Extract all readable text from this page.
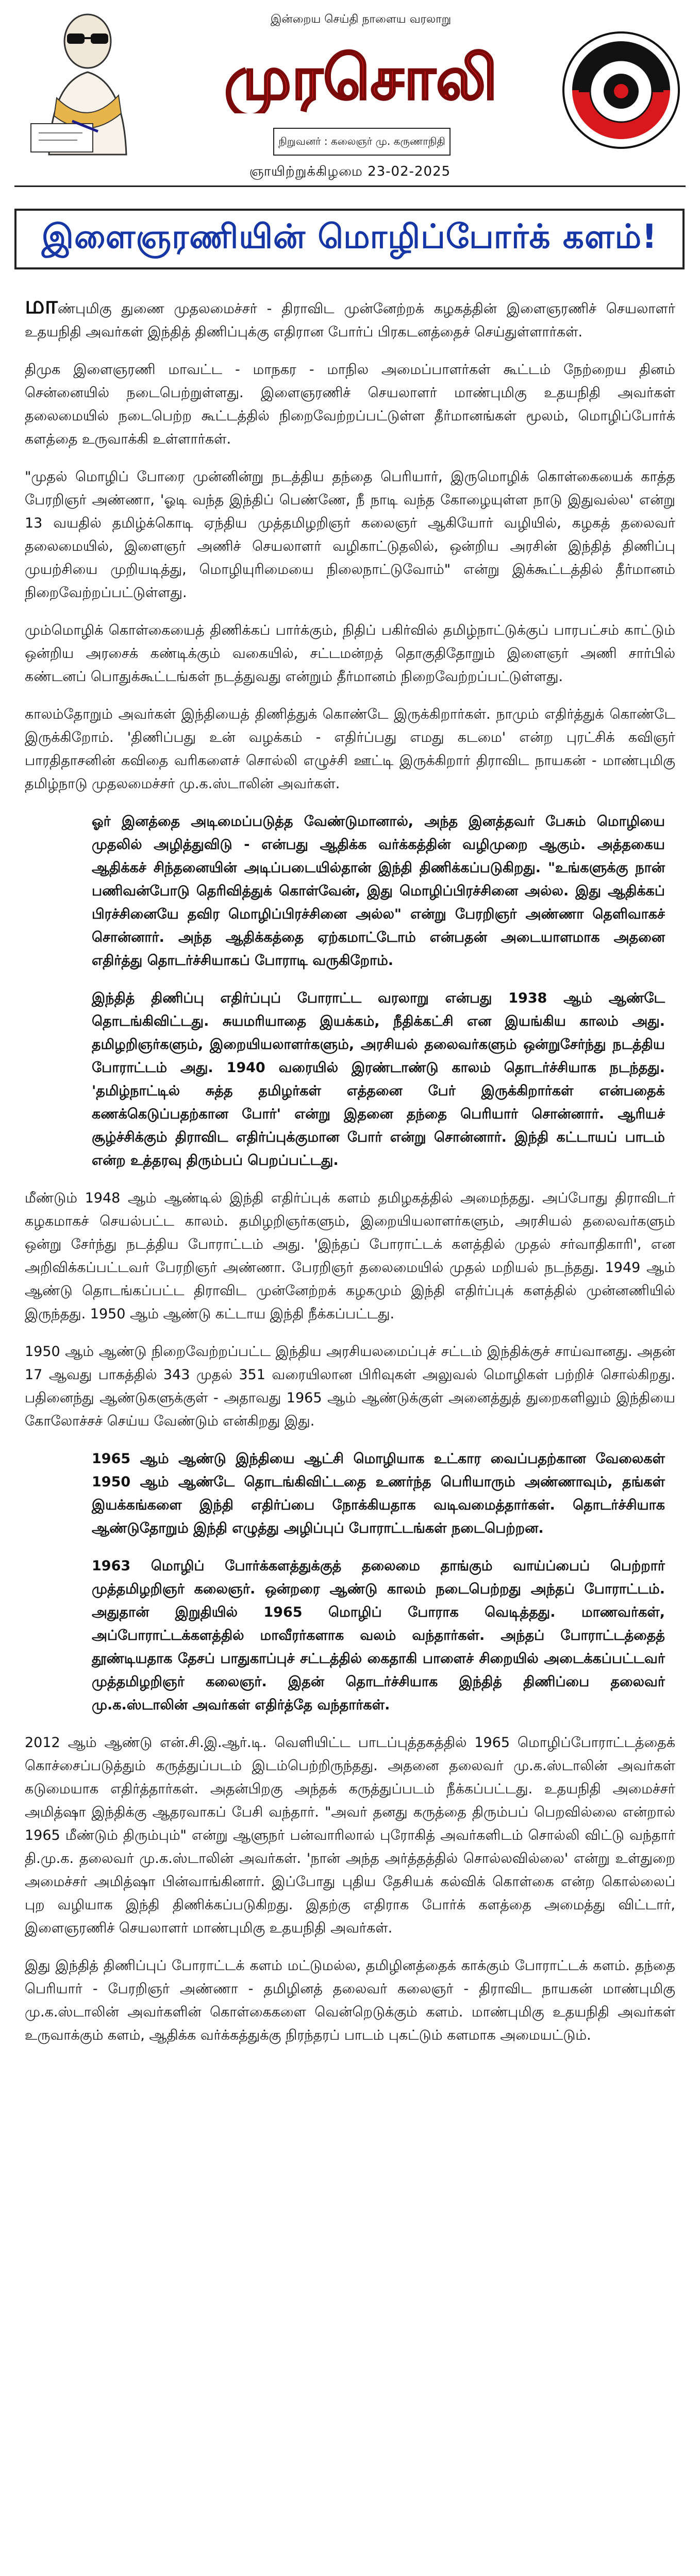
இன்றைய செய்தி நாளைய வரலாறு
முரசொலி
நிறுவனர் : கலைஞர் மு. கருணாநிதி
ஞாயிற்றுக்கிழமை 23-02-2025
இளைஞரணியின் மொழிப்போர்க் களம்!

மாண்புமிகு துணை முதலமைச்சர் - திராவிட முன்னேற்றக் கழகத்தின் இளைஞரணிச் செயலாளர் உதயநிதி அவர்கள் இந்தித் திணிப்புக்கு எதிரான போர்ப் பிரகடனத்தைச் செய்துள்ளார்கள்.

திமுக இளைஞரணி மாவட்ட - மாநகர - மாநில அமைப்பாளர்கள் கூட்டம் நேற்றைய தினம் சென்னையில் நடைபெற்றுள்ளது. இளைஞரணிச் செயலாளர் மாண்புமிகு உதயநிதி அவர்கள் தலைமையில் நடைபெற்ற கூட்டத்தில் நிறைவேற்றப்பட்டுள்ள தீர்மானங்கள் மூலம், மொழிப்போர்க் களத்தை உருவாக்கி உள்ளார்கள்.

"முதல் மொழிப் போரை முன்னின்று நடத்திய தந்தை பெரியார், இருமொழிக் கொள்கையைக் காத்த பேரறிஞர் அண்ணா, 'ஓடி வந்த இந்திப் பெண்ணே, நீ நாடி வந்த கோழையுள்ள நாடு இதுவல்ல' என்று 13 வயதில் தமிழ்க்கொடி ஏந்திய முத்தமிழறிஞர் கலைஞர் ஆகியோர் வழியில், கழகத் தலைவர் தலைமையில், இளைஞர் அணிச் செயலாளர் வழிகாட்டுதலில், ஒன்றிய அரசின் இந்தித் திணிப்பு முயற்சியை முறியடித்து, மொழியுரிமையை நிலைநாட்டுவோம்" என்று இக்கூட்டத்தில் தீர்மானம் நிறைவேற்றப்பட்டுள்ளது.

மும்மொழிக் கொள்கையைத் திணிக்கப் பார்க்கும், நிதிப் பகிர்வில் தமிழ்நாட்டுக்குப் பாரபட்சம் காட்டும் ஒன்றிய அரசைக் கண்டிக்கும் வகையில், சட்டமன்றத் தொகுதிதோறும் இளைஞர் அணி சார்பில் கண்டனப் பொதுக்கூட்டங்கள் நடத்துவது என்றும் தீர்மானம் நிறைவேற்றப்பட்டுள்ளது.

காலம்தோறும் அவர்கள் இந்தியைத் திணித்துக் கொண்டே இருக்கிறார்கள். நாமும் எதிர்த்துக் கொண்டே இருக்கிறோம். 'திணிப்பது உன் வழக்கம் - எதிர்ப்பது எமது கடமை' என்ற புரட்சிக் கவிஞர் பாரதிதாசனின் கவிதை வரிகளைச் சொல்லி எழுச்சி ஊட்டி இருக்கிறார் திராவிட நாயகன் - மாண்புமிகு தமிழ்நாடு முதலமைச்சர் மு.க.ஸ்டாலின் அவர்கள்.

ஓர் இனத்தை அடிமைப்படுத்த வேண்டுமானால், அந்த இனத்தவர் பேசும் மொழியை முதலில் அழித்துவிடு - என்பது ஆதிக்க வர்க்கத்தின் வழிமுறை ஆகும். அத்தகைய ஆதிக்கச் சிந்தனையின் அடிப்படையில்தான் இந்தி திணிக்கப்படுகிறது. "உங்களுக்கு நான் பணிவன்போடு தெரிவித்துக் கொள்வேன், இது மொழிப்பிரச்சினை அல்ல. இது ஆதிக்கப் பிரச்சினையே தவிர மொழிப்பிரச்சினை அல்ல" என்று பேரறிஞர் அண்ணா தெளிவாகச் சொன்னார். அந்த ஆதிக்கத்தை ஏற்கமாட்டோம் என்பதன் அடையாளமாக அதனை எதிர்த்து தொடர்ச்சியாகப் போராடி வருகிறோம்.

இந்தித் திணிப்பு எதிர்ப்புப் போராட்ட வரலாறு என்பது 1938 ஆம் ஆண்டே தொடங்கிவிட்டது. சுயமரியாதை இயக்கம், நீதிக்கட்சி என இயங்கிய காலம் அது. தமிழறிஞர்களும், இறையியலாளர்களும், அரசியல் தலைவர்களும் ஒன்றுசேர்ந்து நடத்திய போராட்டம் அது. 1940 வரையில் இரண்டாண்டு காலம் தொடர்ச்சியாக நடந்தது. 'தமிழ்நாட்டில் சுத்த தமிழர்கள் எத்தனை பேர் இருக்கிறார்கள் என்பதைக் கணக்கெடுப்பதற்கான போர்' என்று இதனை தந்தை பெரியார் சொன்னார். ஆரியச் சூழ்ச்சிக்கும் திராவிட எதிர்ப்புக்குமான போர் என்று சொன்னார். இந்தி கட்டாயப் பாடம் என்ற உத்தரவு திரும்பப் பெறப்பட்டது.

மீண்டும் 1948 ஆம் ஆண்டில் இந்தி எதிர்ப்புக் களம் தமிழகத்தில் அமைந்தது. அப்போது திராவிடர் கழகமாகச் செயல்பட்ட காலம். தமிழறிஞர்களும், இறையியலாளர்களும், அரசியல் தலைவர்களும் ஒன்று சேர்ந்து நடத்திய போராட்டம் அது. 'இந்தப் போராட்டக் களத்தில் முதல் சர்வாதிகாரி', என அறிவிக்கப்பட்டவர் பேரறிஞர் அண்ணா. பேரறிஞர் தலைமையில் முதல் மறியல் நடந்தது. 1949 ஆம் ஆண்டு தொடங்கப்பட்ட திராவிட முன்னேற்றக் கழகமும் இந்தி எதிர்ப்புக் களத்தில் முன்னணியில் இருந்தது. 1950 ஆம் ஆண்டு கட்டாய இந்தி நீக்கப்பட்டது.

1950 ஆம் ஆண்டு நிறைவேற்றப்பட்ட இந்திய அரசியலமைப்புச் சட்டம் இந்திக்குச் சாய்வானது. அதன் 17 ஆவது பாகத்தில் 343 முதல் 351 வரையிலான பிரிவுகள் அலுவல் மொழிகள் பற்றிச் சொல்கிறது. பதினைந்து ஆண்டுகளுக்குள் - அதாவது 1965 ஆம் ஆண்டுக்குள் அனைத்துத் துறைகளிலும் இந்தியை கோலோச்சச் செய்ய வேண்டும் என்கிறது இது.

1965 ஆம் ஆண்டு இந்தியை ஆட்சி மொழியாக உட்கார வைப்பதற்கான வேலைகள் 1950 ஆம் ஆண்டே தொடங்கிவிட்டதை உணர்ந்த பெரியாரும் அண்ணாவும், தங்கள் இயக்கங்களை இந்தி எதிர்ப்பை நோக்கியதாக வடிவமைத்தார்கள். தொடர்ச்சியாக ஆண்டுதோறும் இந்தி எழுத்து அழிப்புப் போராட்டங்கள் நடைபெற்றன.

1963 மொழிப் போர்க்களத்துக்குத் தலைமை தாங்கும் வாய்ப்பைப் பெற்றார் முத்தமிழறிஞர் கலைஞர். ஒன்றரை ஆண்டு காலம் நடைபெற்றது அந்தப் போராட்டம். அதுதான் இறுதியில் 1965 மொழிப் போராக வெடித்தது. மாணவர்கள், அப்போராட்டக்களத்தில் மாவீரர்களாக வலம் வந்தார்கள். அந்தப் போராட்டத்தைத் தூண்டியதாக தேசப் பாதுகாப்புச் சட்டத்தில் கைதாகி பாளைச் சிறையில் அடைக்கப்பட்டவர் முத்தமிழறிஞர் கலைஞர். இதன் தொடர்ச்சியாக இந்தித் திணிப்பை தலைவர் மு.க.ஸ்டாலின் அவர்கள் எதிர்த்தே வந்தார்கள்.

2012 ஆம் ஆண்டு என்.சி.இ.ஆர்.டி. வெளியிட்ட பாடப்புத்தகத்தில் 1965 மொழிப்போராட்டத்தைக் கொச்சைப்படுத்தும் கருத்துப்படம் இடம்பெற்றிருந்தது. அதனை தலைவர் மு.க.ஸ்டாலின் அவர்கள் கடுமையாக எதிர்த்தார்கள். அதன்பிறகு அந்தக் கருத்துப்படம் நீக்கப்பட்டது. உதயநிதி அமைச்சர் அமித்ஷா இந்திக்கு ஆதரவாகப் பேசி வந்தார். "அவர் தனது கருத்தை திரும்பப் பெறவில்லை என்றால் 1965 மீண்டும் திரும்பும்" என்று ஆளுநர் பன்வாரிலால் புரோகித் அவர்களிடம் சொல்லி விட்டு வந்தார் தி.மு.க. தலைவர் மு.க.ஸ்டாலின் அவர்கள். 'நான் அந்த அர்த்தத்தில் சொல்லவில்லை' என்று உள்துறை அமைச்சர் அமித்ஷா பின்வாங்கினார். இப்போது புதிய தேசியக் கல்விக் கொள்கை என்ற கொல்லைப் புற வழியாக இந்தி திணிக்கப்படுகிறது. இதற்கு எதிராக போர்க் களத்தை அமைத்து விட்டார், இளைஞரணிச் செயலாளர் மாண்புமிகு உதயநிதி அவர்கள்.

இது இந்தித் திணிப்புப் போராட்டக் களம் மட்டுமல்ல, தமிழினத்தைக் காக்கும் போராட்டக் களம். தந்தை பெரியார் - பேரறிஞர் அண்ணா - தமிழினத் தலைவர் கலைஞர் - திராவிட நாயகன் மாண்புமிகு மு.க.ஸ்டாலின் அவர்களின் கொள்கைகளை வென்றெடுக்கும் களம். மாண்புமிகு உதயநிதி அவர்கள் உருவாக்கும் களம், ஆதிக்க வர்க்கத்துக்கு நிரந்தரப் பாடம் புகட்டும் களமாக அமையட்டும்.
